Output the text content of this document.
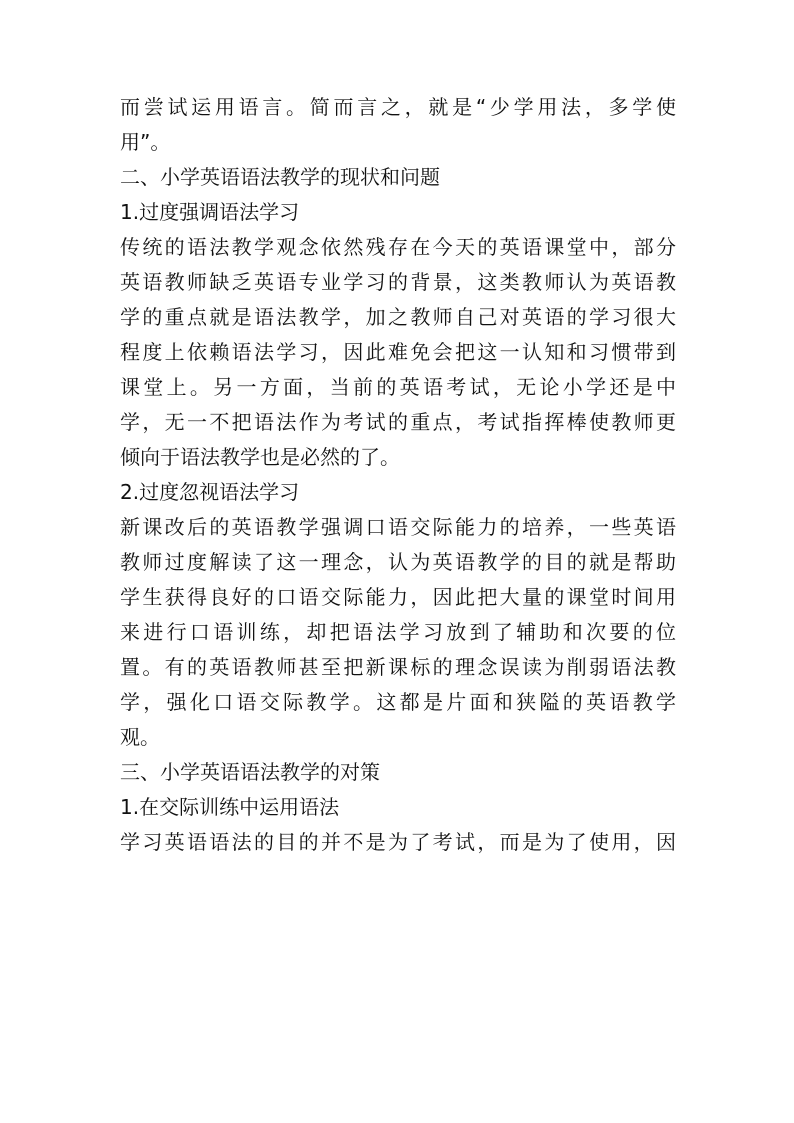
而尝试运用语言。简而言之，就是“少学用法，多学使
用”。
二、小学英语语法教学的现状和问题
1.过度强调语法学习
传统的语法教学观念依然残存在今天的英语课堂中，部分
英语教师缺乏英语专业学习的背景，这类教师认为英语教
学的重点就是语法教学，加之教师自己对英语的学习很大
程度上依赖语法学习，因此难免会把这一认知和习惯带到
课堂上。另一方面，当前的英语考试，无论小学还是中
学，无一不把语法作为考试的重点，考试指挥棒使教师更
倾向于语法教学也是必然的了。
2.过度忽视语法学习
新课改后的英语教学强调口语交际能力的培养，一些英语
教师过度解读了这一理念，认为英语教学的目的就是帮助
学生获得良好的口语交际能力，因此把大量的课堂时间用
来进行口语训练，却把语法学习放到了辅助和次要的位
置。有的英语教师甚至把新课标的理念误读为削弱语法教
学，强化口语交际教学。这都是片面和狭隘的英语教学
观。
三、小学英语语法教学的对策
1.在交际训练中运用语法
学习英语语法的目的并不是为了考试，而是为了使用，因
